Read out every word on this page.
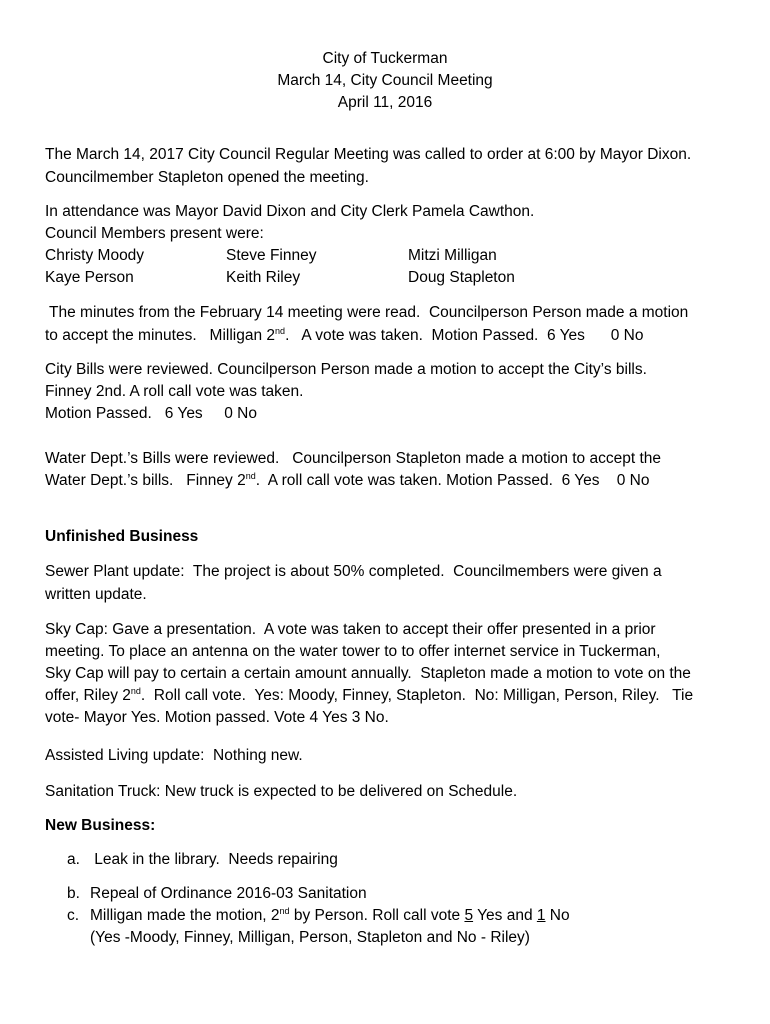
City of Tuckerman
March 14, City Council Meeting
April 11, 2016
The March 14, 2017 City Council Regular Meeting was called to order at 6:00 by Mayor Dixon.
Councilmember Stapleton opened the meeting.
In attendance was Mayor David Dixon and City Clerk Pamela Cawthon.
Council Members present were:
Christy Moody	Steve Finney	Mitzi Milligan
Kaye Person	Keith Riley	Doug Stapleton
The minutes from the February 14 meeting were read.  Councilperson Person made a motion
to accept the minutes.   Milligan 2nd.   A vote was taken.  Motion Passed.  6 Yes      0 No
City Bills were reviewed. Councilperson Person made a motion to accept the City’s bills.
Finney 2nd. A roll call vote was taken.
Motion Passed.   6 Yes     0 No
Water Dept.’s Bills were reviewed.   Councilperson Stapleton made a motion to accept the
Water Dept.’s bills.   Finney 2nd.  A roll call vote was taken. Motion Passed.  6 Yes    0 No
Unfinished Business
Sewer Plant update:  The project is about 50% completed.  Councilmembers were given a
written update.
Sky Cap: Gave a presentation.  A vote was taken to accept their offer presented in a prior
meeting. To place an antenna on the water tower to to offer internet service in Tuckerman,
Sky Cap will pay to certain a certain amount annually.  Stapleton made a motion to vote on the
offer, Riley 2nd.  Roll call vote.  Yes: Moody, Finney, Stapleton.  No: Milligan, Person, Riley.   Tie
vote- Mayor Yes. Motion passed. Vote 4 Yes 3 No.
Assisted Living update:  Nothing new.
Sanitation Truck: New truck is expected to be delivered on Schedule.
New Business:
a. Leak in the library.  Needs repairing
b. Repeal of Ordinance 2016-03 Sanitation
c. Milligan made the motion, 2nd by Person. Roll call vote 5 Yes and 1 No
(Yes -Moody, Finney, Milligan, Person, Stapleton and No - Riley)
